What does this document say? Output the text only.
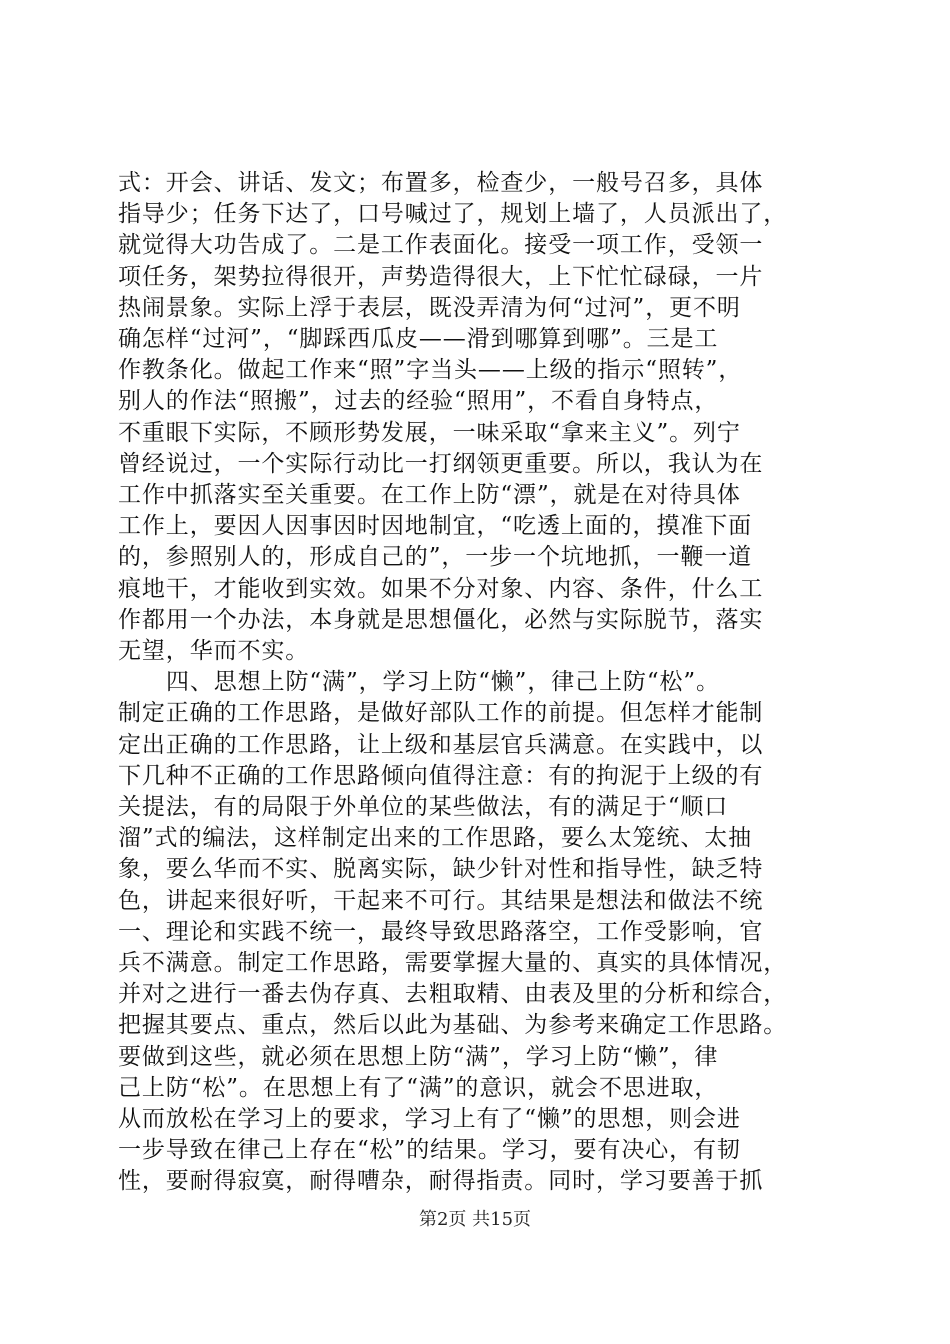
式：开会、讲话、发文；布置多，检查少，一般号召多，具体
指导少；任务下达了，口号喊过了，规划上墙了，人员派出了，
就觉得大功告成了。二是工作表面化。接受一项工作，受领一
项任务，架势拉得很开，声势造得很大，上下忙忙碌碌，一片
热闹景象。实际上浮于表层，既没弄清为何“过河”，更不明
确怎样“过河”，“脚踩西瓜皮——滑到哪算到哪”。三是工
作教条化。做起工作来“照”字当头——上级的指示“照转”，
别人的作法“照搬”，过去的经验“照用”，不看自身特点，
不重眼下实际，不顾形势发展，一味采取“拿来主义”。列宁
曾经说过，一个实际行动比一打纲领更重要。所以，我认为在
工作中抓落实至关重要。在工作上防“漂”，就是在对待具体
工作上，要因人因事因时因地制宜，“吃透上面的，摸准下面
的，参照别人的，形成自己的”，一步一个坑地抓，一鞭一道
痕地干，才能收到实效。如果不分对象、内容、条件，什么工
作都用一个办法，本身就是思想僵化，必然与实际脱节，落实
无望，华而不实。
四、思想上防“满”，学习上防“懒”，律己上防“松”。
制定正确的工作思路，是做好部队工作的前提。但怎样才能制
定出正确的工作思路，让上级和基层官兵满意。在实践中，以
下几种不正确的工作思路倾向值得注意：有的拘泥于上级的有
关提法，有的局限于外单位的某些做法，有的满足于“顺口
溜”式的编法，这样制定出来的工作思路，要么太笼统、太抽
象，要么华而不实、脱离实际，缺少针对性和指导性，缺乏特
色，讲起来很好听，干起来不可行。其结果是想法和做法不统
一、理论和实践不统一，最终导致思路落空，工作受影响，官
兵不满意。制定工作思路，需要掌握大量的、真实的具体情况，
并对之进行一番去伪存真、去粗取精、由表及里的分析和综合，
把握其要点、重点，然后以此为基础、为参考来确定工作思路。
要做到这些，就必须在思想上防“满”，学习上防“懒”，律
己上防“松”。在思想上有了“满”的意识，就会不思进取，
从而放松在学习上的要求，学习上有了“懒”的思想，则会进
一步导致在律己上存在“松”的结果。学习，要有决心，有韧
性，要耐得寂寞，耐得嘈杂，耐得指责。同时，学习要善于抓
第2页 共15页
